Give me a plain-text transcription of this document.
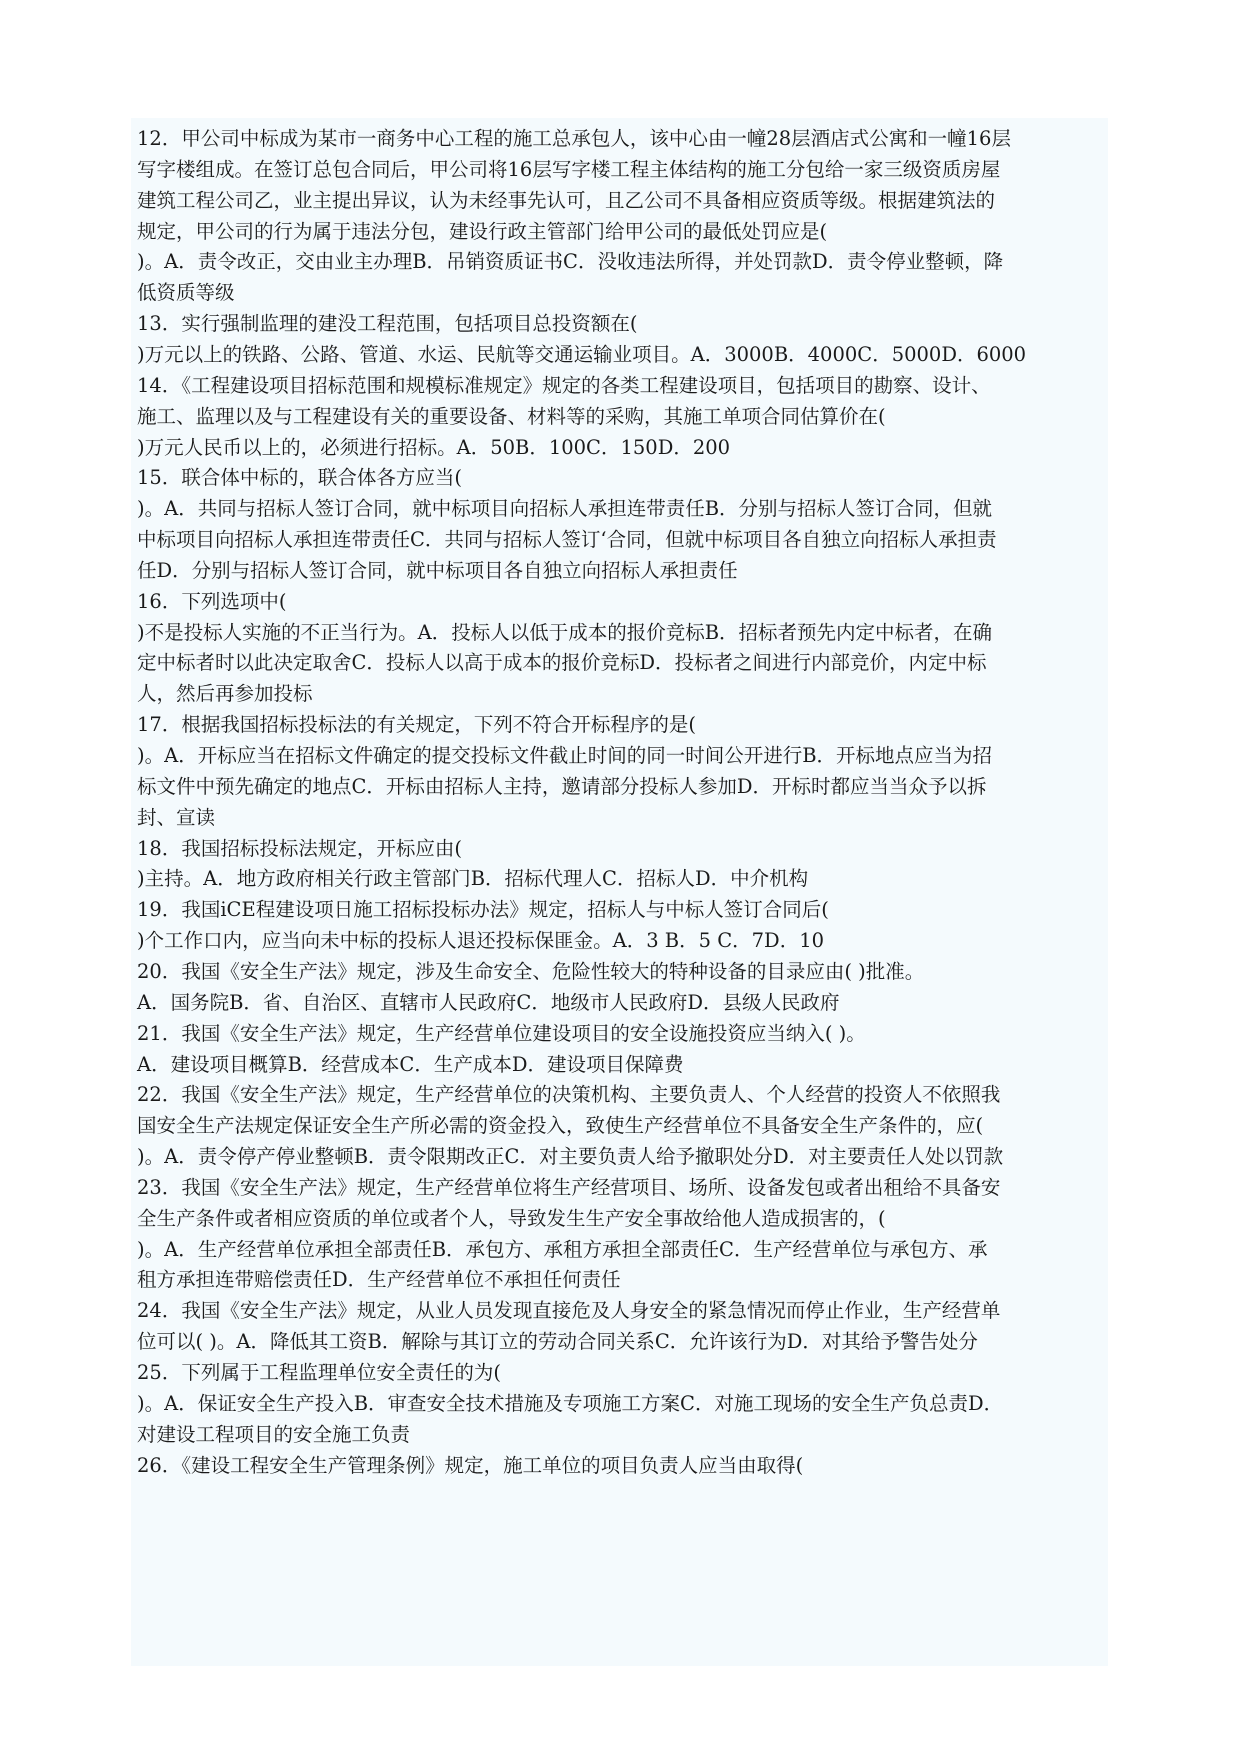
12．甲公司中标成为某市一商务中心工程的施工总承包人，该中心由一幢28层酒店式公寓和一幢16层
写字楼组成。在签订总包合同后，甲公司将16层写字楼工程主体结构的施工分包给一家三级资质房屋
建筑工程公司乙，业主提出异议，认为未经事先认可，且乙公司不具备相应资质等级。根据建筑法的
规定，甲公司的行为属于违法分包，建设行政主管部门给甲公司的最低处罚应是(
)。A．责令改正，交由业主办理B．吊销资质证书C．没收违法所得，并处罚款D．责令停业整顿，降
低资质等级
13．实行强制监理的建没工程范围，包括项目总投资额在(
)万元以上的铁路、公路、管道、水运、民航等交通运输业项目。A．3000B．4000C．5000D．6000
14．《工程建设项目招标范围和规模标准规定》规定的各类工程建设项目，包括项目的勘察、设计、
施工、监理以及与工程建设有关的重要设备、材料等的采购，其施工单项合同估算价在(
)万元人民币以上的，必须进行招标。A．50B．100C．150D．200
15．联合体中标的，联合体各方应当(
)。A．共同与招标人签订合同，就中标项目向招标人承担连带责任B．分别与招标人签订合同，但就
中标项目向招标人承担连带责任C．共同与招标人签订‘合同，但就中标项目各自独立向招标人承担责
任D．分别与招标人签订合同，就中标项目各自独立向招标人承担责任
16．下列选项中(
)不是投标人实施的不正当行为。A．投标人以低于成本的报价竞标B．招标者预先内定中标者，在确
定中标者时以此决定取舍C．投标人以高于成本的报价竞标D．投标者之间进行内部竞价，内定中标
人，然后再参加投标
17．根据我国招标投标法的有关规定，下列不符合开标程序的是(
)。A．开标应当在招标文件确定的提交投标文件截止时间的同一时间公开进行B．开标地点应当为招
标文件中预先确定的地点C．开标由招标人主持，邀请部分投标人参加D．开标时都应当当众予以拆
封、宣读
18．我国招标投标法规定，开标应由(
)主持。A．地方政府相关行政主管部门B．招标代理人C．招标人D．中介机构
19．我国iCE程建设项日施工招标投标办法》规定，招标人与中标人签订合同后(
)个工作口内，应当向未中标的投标人退还投标保匪金。A．3 B．5 C．7D．10
20．我国《安全生产法》规定，涉及生命安全、危险性较大的特种设备的目录应由( )批准。
A．国务院B．省、自治区、直辖市人民政府C．地级市人民政府D．县级人民政府
21．我国《安全生产法》规定，生产经营单位建设项目的安全设施投资应当纳入( )。
A．建设项目概算B．经营成本C．生产成本D．建设项目保障费
22．我国《安全生产法》规定，生产经营单位的决策机构、主要负责人、个人经营的投资人不依照我
国安全生产法规定保证安全生产所必需的资金投入，致使生产经营单位不具备安全生产条件的，应(
)。A．责令停产停业整顿B．责令限期改正C．对主要负责人给予撤职处分D．对主要责任人处以罚款
23．我国《安全生产法》规定，生产经营单位将生产经营项目、场所、设备发包或者出租给不具备安
全生产条件或者相应资质的单位或者个人，导致发生生产安全事故给他人造成损害的，(
)。A．生产经营单位承担全部责任B．承包方、承租方承担全部责任C．生产经营单位与承包方、承
租方承担连带赔偿责任D．生产经营单位不承担任何责任
24．我国《安全生产法》规定，从业人员发现直接危及人身安全的紧急情况而停止作业，生产经营单
位可以( )。A．降低其工资B．解除与其订立的劳动合同关系C．允许该行为D．对其给予警告处分
25．下列属于工程监理单位安全责任的为(
)。A．保证安全生产投入B．审查安全技术措施及专项施工方案C．对施工现场的安全生产负总责D．
对建设工程项目的安全施工负责
26．《建设工程安全生产管理条例》规定，施工单位的项目负责人应当由取得(
